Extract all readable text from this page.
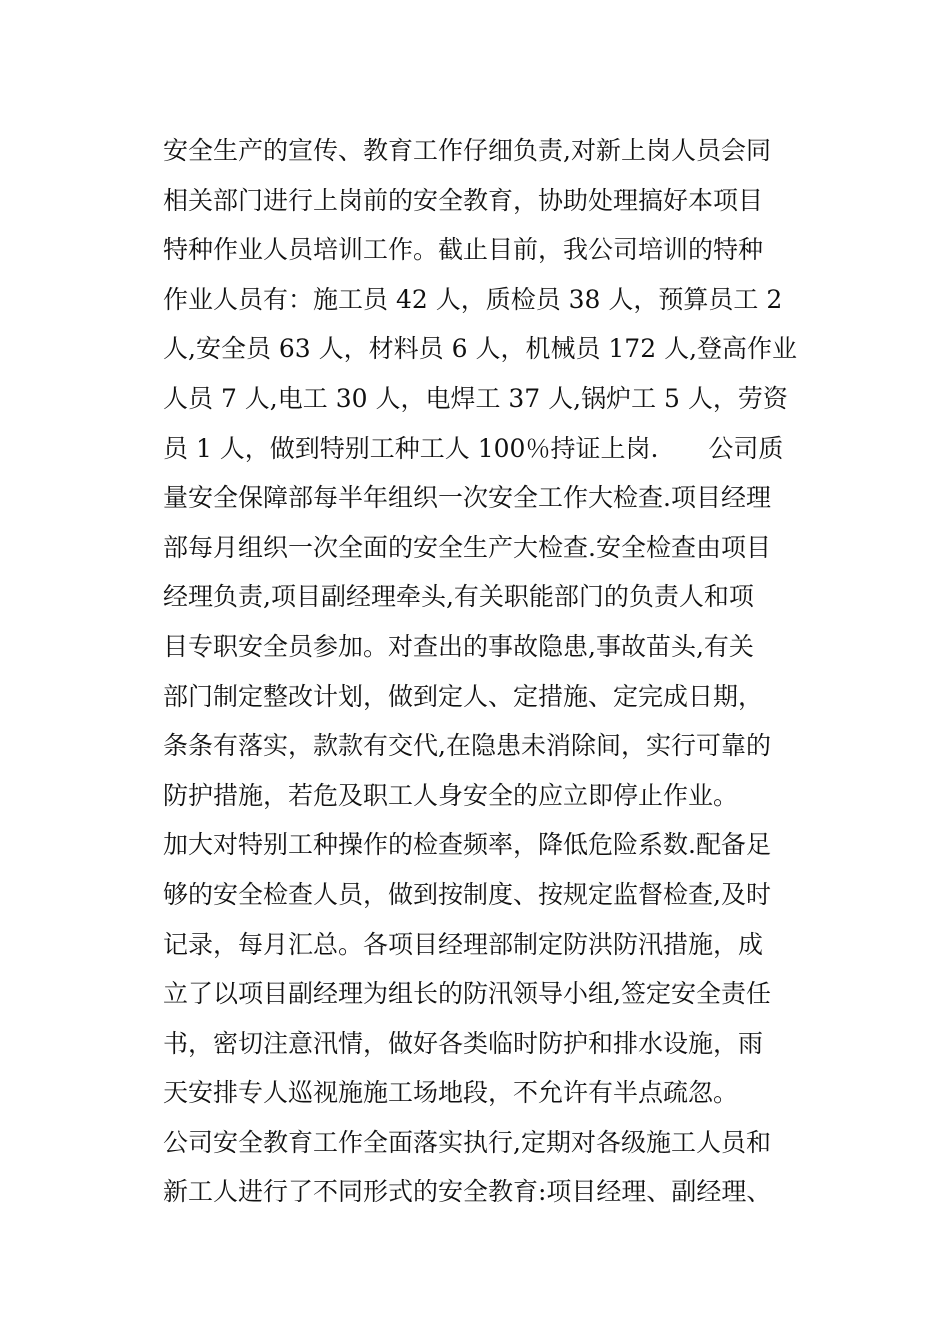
安全生产的宣传、教育工作仔细负责,对新上岗人员会同
相关部门进行上岗前的安全教育，协助处理搞好本项目
特种作业人员培训工作。截止目前，我公司培训的特种
作业人员有：施工员 42 人，质检员 38 人，预算员工 2
人,安全员 63 人，材料员 6 人，机械员 172 人,登高作业
人员 7 人,电工 30 人，电焊工 37 人,锅炉工 5 人，劳资
员 1 人，做到特别工种工人 100％持证上岗.　　公司质
量安全保障部每半年组织一次安全工作大检查.项目经理
部每月组织一次全面的安全生产大检查.安全检查由项目
经理负责,项目副经理牵头,有关职能部门的负责人和项
目专职安全员参加。对查出的事故隐患,事故苗头,有关
部门制定整改计划，做到定人、定措施、定完成日期，
条条有落实，款款有交代,在隐患未消除间，实行可靠的
防护措施，若危及职工人身安全的应立即停止作业。
加大对特别工种操作的检查频率，降低危险系数.配备足
够的安全检查人员，做到按制度、按规定监督检查,及时
记录，每月汇总。各项目经理部制定防洪防汛措施，成
立了以项目副经理为组长的防汛领导小组,签定安全责任
书，密切注意汛情，做好各类临时防护和排水设施，雨
天安排专人巡视施施工场地段，不允许有半点疏忽。
公司安全教育工作全面落实执行,定期对各级施工人员和
新工人进行了不同形式的安全教育:项目经理、副经理、
